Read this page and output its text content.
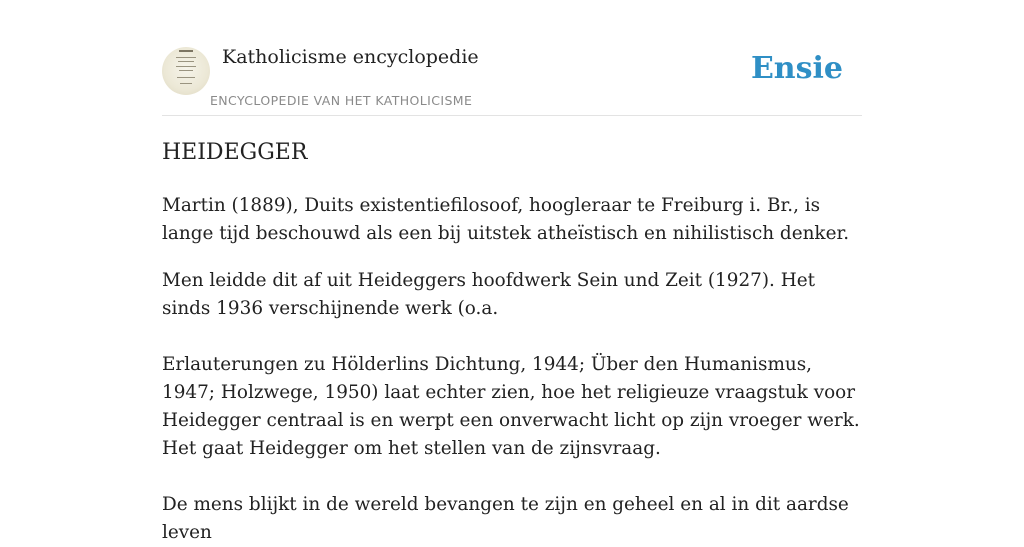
Katholicisme encyclopedie
ENCYCLOPEDIE VAN HET KATHOLICISME
Ensie
HEIDEGGER

Martin (1889), Duits existentiefilosoof, hoogleraar te Freiburg i. Br., is lange tijd beschouwd als een bij uitstek atheïstisch en nihilistisch denker.

Men leidde dit af uit Heideggers hoofdwerk Sein und Zeit (1927). Het sinds 1936 verschijnende werk (o.a.

Erlauterungen zu Hölderlins Dichtung, 1944; Über den Humanismus, 1947; Holzwege, 1950) laat echter zien, hoe het religieuze vraagstuk voor Heidegger centraal is en werpt een onverwacht licht op zijn vroeger werk. Het gaat Heidegger om het stellen van de zijnsvraag.

De mens blijkt in de wereld bevangen te zijn en geheel en al in dit aardse leven
